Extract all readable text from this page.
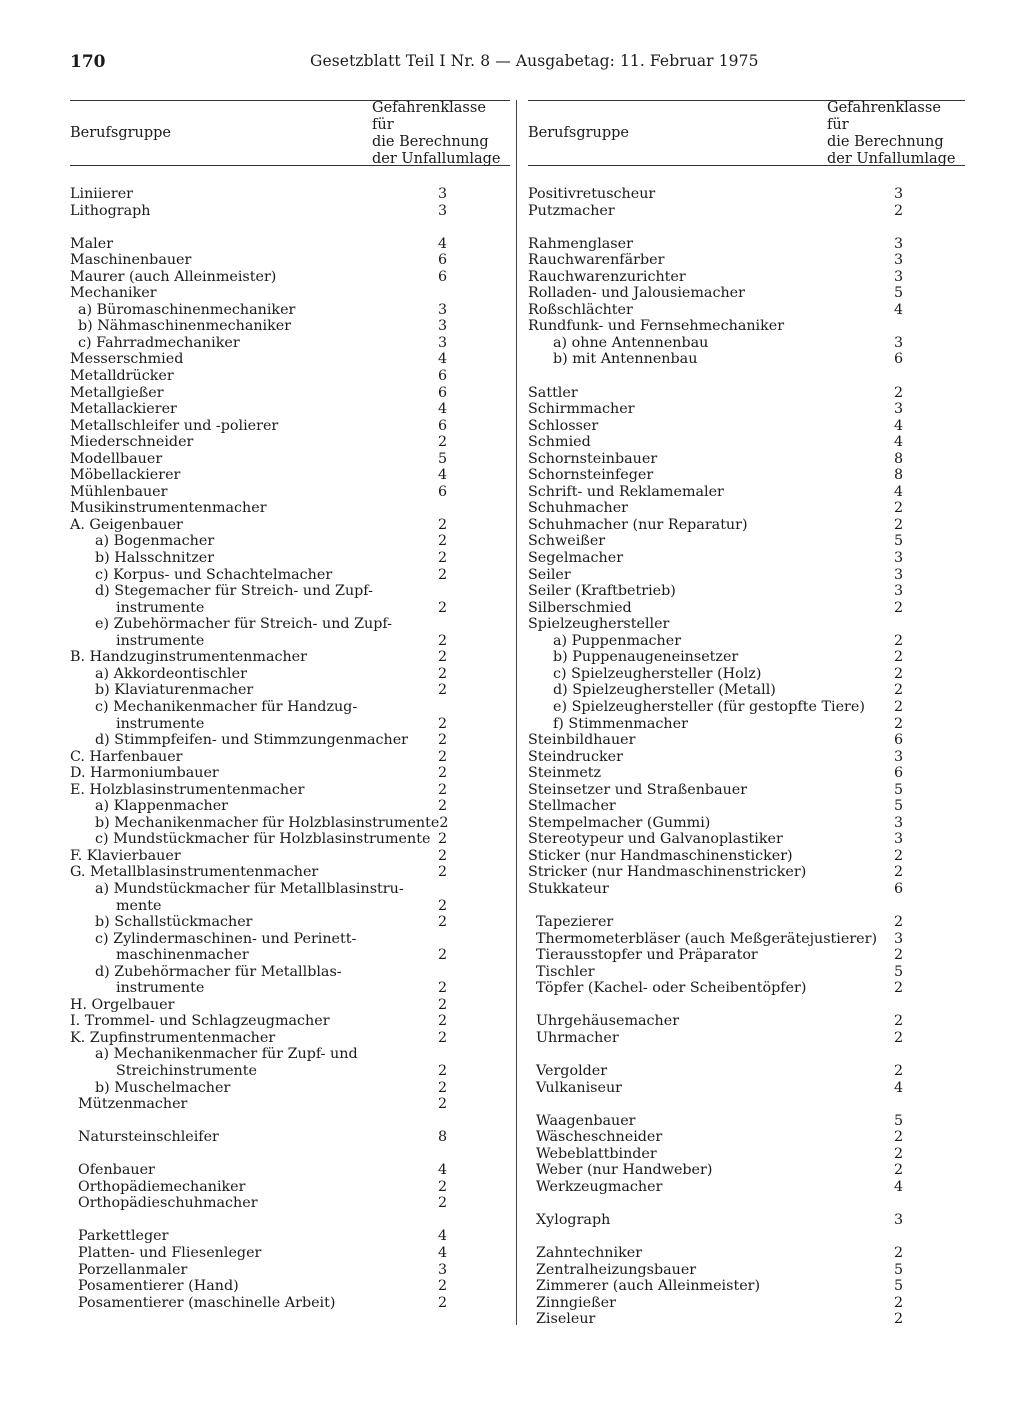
170	Gesetzblatt Teil I Nr. 8 — Ausgabetag: 11. Februar 1975
Berufsgruppe
Gefahrenklasse für
die Berechnung
der Unfallumlage
Liniierer	3
Lithograph	3
Maler	4
Maschinenbauer	6
Maurer (auch Alleinmeister)	6
Mechaniker
a) Büromaschinenmechaniker	3
b) Nähmaschinenmechaniker	3
c) Fahrradmechaniker	3
Messerschmied	4
Metalldrücker	6
Metallgießer	6
Metallackierer	4
Metallschleifer und -polierer	6
Miederschneider	2
Modellbauer	5
Möbellackierer	4
Mühlenbauer	6
Musikinstrumentenmacher
A. Geigenbauer	2
a) Bogenmacher	2
b) Halsschnitzer	2
c) Korpus- und Schachtelmacher	2
d) Stegemacher für Streich- und Zupf-
instrumente	2
e) Zubehörmacher für Streich- und Zupf-
instrumente	2
B. Handzuginstrumentenmacher	2
a) Akkordeontischler	2
b) Klaviaturenmacher	2
c) Mechanikenmacher für Handzug-
instrumente	2
d) Stimmpfeifen- und Stimmzungenmacher	2
C. Harfenbauer	2
D. Harmoniumbauer	2
E. Holzblasinstrumentenmacher	2
a) Klappenmacher	2
b) Mechanikenmacher für Holzblasinstrumente 2
c) Mundstückmacher für Holzblasinstrumente 2
F. Klavierbauer	2
G. Metallblasinstrumentenmacher	2
a) Mundstückmacher für Metallblasinstru-
mente	2
b) Schallstückmacher	2
c) Zylindermaschinen- und Perinett-
maschinenmacher	2
d) Zubehörmacher für Metallblas-
instrumente	2
H. Orgelbauer	2
I. Trommel- und Schlagzeugmacher	2
K. Zupfinstrumentenmacher	2
a) Mechanikenmacher für Zupf- und
Streichinstrumente	2
b) Muschelmacher	2
Mützenmacher	2
Natursteinschleifer	8
Ofenbauer	4
Orthopädiemechaniker	2
Orthopädieschuhmacher	2
Parkettleger	4
Platten- und Fliesenleger	4
Porzellanmaler	3
Posamentierer (Hand)	2
Posamentierer (maschinelle Arbeit)	2
Berufsgruppe
Gefahrenklasse für
die Berechnung
der Unfallumlage
Positivretuscheur	3
Putzmacher	2
Rahmenglaser	3
Rauchwarenfärber	3
Rauchwarenzurichter	3
Rolladen- und Jalousiemacher	5
Roßschlächter	4
Rundfunk- und Fernsehmechaniker
a) ohne Antennenbau	3
b) mit Antennenbau	6
Sattler	2
Schirmmacher	3
Schlosser	4
Schmied	4
Schornsteinbauer	8
Schornsteinfeger	8
Schrift- und Reklamemaler	4
Schuhmacher	2
Schuhmacher (nur Reparatur)	2
Schweißer	5
Segelmacher	3
Seiler	3
Seiler (Kraftbetrieb)	3
Silberschmied	2
Spielzeughersteller
a) Puppenmacher	2
b) Puppenaugeneinsetzer	2
c) Spielzeughersteller (Holz)	2
d) Spielzeughersteller (Metall)	2
e) Spielzeughersteller (für gestopfte Tiere)	2
f) Stimmenmacher	2
Steinbildhauer	6
Steindrucker	3
Steinmetz	6
Steinsetzer und Straßenbauer	5
Stellmacher	5
Stempelmacher (Gummi)	3
Stereotypeur und Galvanoplastiker	3
Sticker (nur Handmaschinensticker)	2
Stricker (nur Handmaschinenstricker)	2
Stukkateur	6
Tapezierer	2
Thermometerbläser (auch Meßgerätejustierer)	3
Tierausstopfer und Präparator	2
Tischler	5
Töpfer (Kachel- oder Scheibentöpfer)	2
Uhrgehäusemacher	2
Uhrmacher	2
Vergolder	2
Vulkaniseur	4
Waagenbauer	5
Wäscheschneider	2
Webeblattbinder	2
Weber (nur Handweber)	2
Werkzeugmacher	4
Xylograph	3
Zahntechniker	2
Zentralheizungsbauer	5
Zimmerer (auch Alleinmeister)	5
Zinngießer	2
Ziseleur	2
